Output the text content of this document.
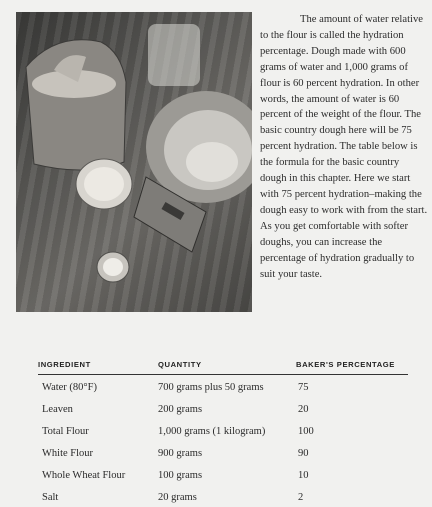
The amount of water relative to the flour is called the hydration percentage. Dough made with 600 grams of water and 1,000 grams of flour is 60 percent hydration. In other words, the amount of water is 60 percent of the weight of the flour. The basic country dough here will be 75 percent hydration. The table below is the formula for the basic country dough in this chapter. Here we start with 75 percent hydration–making the dough easy to work with from the start. As you get comfortable with softer doughs, you can increase the percentage of hydration gradually to suit your taste.

INGREDIENT	QUANTITY	BAKER'S PERCENTAGE
Water (80°F)	700 grams plus 50 grams	75
Leaven	200 grams	20
Total Flour	1,000 grams (1 kilogram)	100
White Flour	900 grams	90
Whole Wheat Flour	100 grams	10
Salt	20 grams	2
